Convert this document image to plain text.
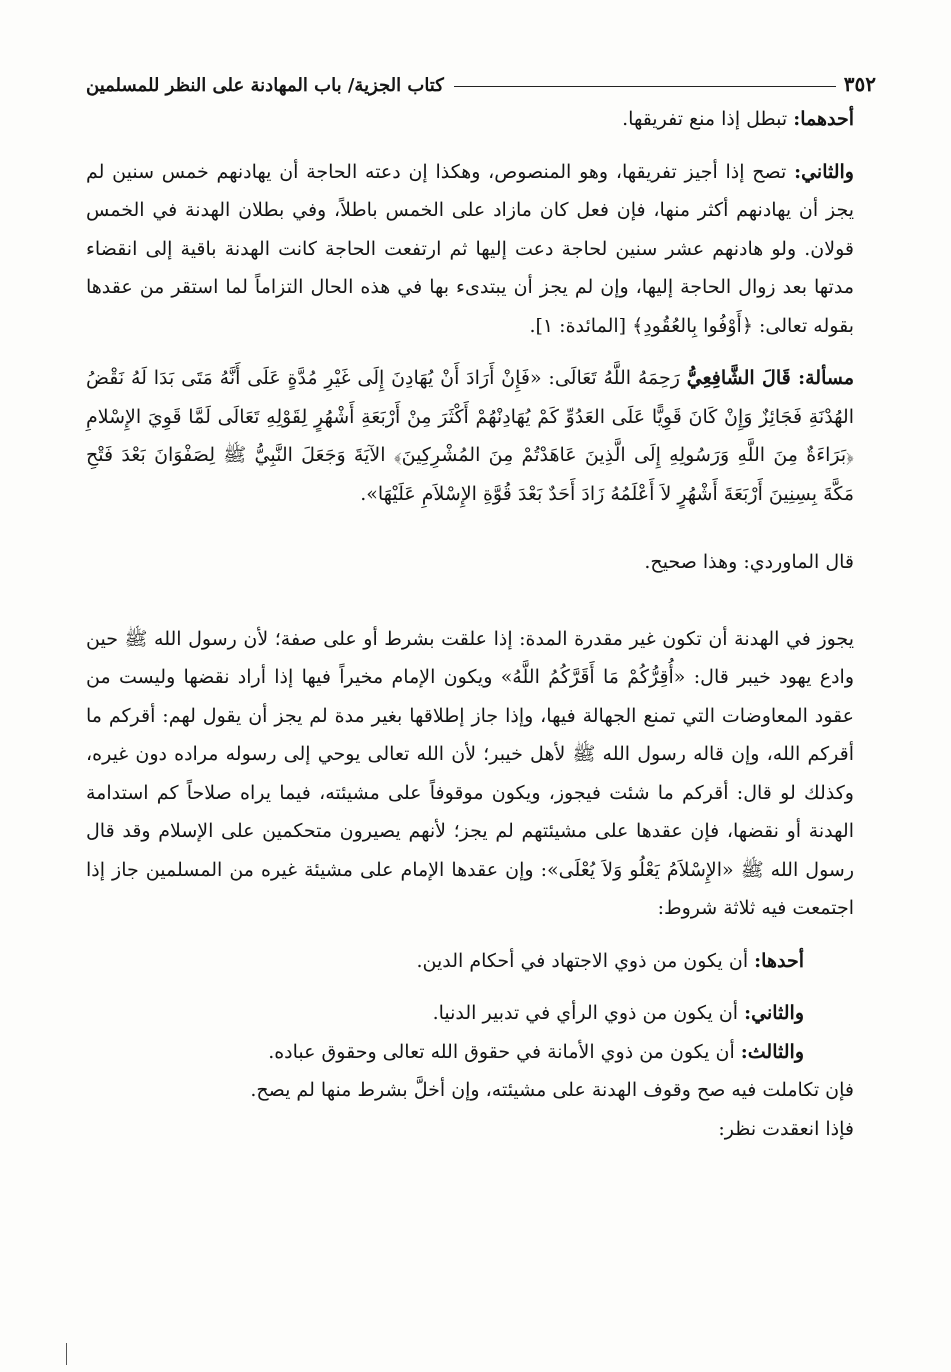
٣٥٢
كتاب الجزية/ باب المهادنة على النظر للمسلمين

أحدهما: تبطل إذا منع تفريقها.

والثاني: تصح إذا أجيز تفريقها، وهو المنصوص، وهكذا إن دعته الحاجة أن يهادنهم خمس سنين لم يجز أن يهادنهم أكثر منها، فإن فعل كان مازاد على الخمس باطلاً، وفي بطلان الهدنة في الخمس قولان. ولو هادنهم عشر سنين لحاجة دعت إليها ثم ارتفعت الحاجة كانت الهدنة باقية إلى انقضاء مدتها بعد زوال الحاجة إليها، وإن لم يجز أن يبتدىء بها في هذه الحال التزاماً لما استقر من عقدها بقوله تعالى: ﴿أَوْفُوا بِالعُقُودِ﴾ [المائدة: ١].

مسألة: قَالَ الشَّافِعِيُّ رَحِمَهُ اللَّهُ تَعَالَى: «فَإِنْ أَرَادَ أَنْ يُهَادِنَ إِلَى غَيْرِ مُدَّةٍ عَلَى أَنَّهُ مَتَى بَدَا لَهُ نَقْضُ الهُدْنَةِ فَجَائِزٌ وَإِنْ كَانَ قَوِيًّا عَلَى العَدُوِّ كَمْ يُهَادِنْهُمْ أَكْثَرَ مِنْ أَرْبَعَةِ أَشْهُرٍ لِقَوْلِهِ تَعَالَى لَمَّا قَوِيَ الإِسْلامِ ﴿بَرَاءَةٌ مِنَ اللَّهِ وَرَسُولِهِ إِلَى الَّذِينَ عَاهَدْتُمْ مِنَ المُشْرِكِينَ﴾ الآيَةَ وَجَعَلَ النَّبِيُّ ﷺ لِصَفْوَانَ بَعْدَ فَتْحِ مَكَّةَ بِسِنِينَ أَرْبَعَةَ أَشْهُرٍ لاَ أَعْلَمُهُ زَادَ أَحَدٌ بَعْدَ قُوَّةِ الإِسْلاَمِ عَلَيْهَا».

قال الماوردي: وهذا صحيح.

يجوز في الهدنة أن تكون غير مقدرة المدة: إذا علقت بشرط أو على صفة؛ لأن رسول الله ﷺ حين وادع يهود خيبر قال: «أُقِرُّكُمْ مَا أَقَرَّكُمُ اللَّهُ» ويكون الإمام مخيراً فيها إذا أراد نقضها وليست من عقود المعاوضات التي تمنع الجهالة فيها، وإذا جاز إطلاقها بغير مدة لم يجز أن يقول لهم: أقركم ما أقركم الله، وإن قاله رسول الله ﷺ لأهل خيبر؛ لأن الله تعالى يوحي إلى رسوله مراده دون غيره، وكذلك لو قال: أقركم ما شئت فيجوز، ويكون موقوفاً على مشيئته، فيما يراه صلاحاً كم استدامة الهدنة أو نقضها، فإن عقدها على مشيئتهم لم يجز؛ لأنهم يصيرون متحكمين على الإسلام وقد قال رسول الله ﷺ «الإِسْلاَمُ يَعْلُو وَلاَ يُعْلَى»: وإن عقدها الإمام على مشيئة غيره من المسلمين جاز إذا اجتمعت فيه ثلاثة شروط:

أحدها: أن يكون من ذوي الاجتهاد في أحكام الدين.

والثاني: أن يكون من ذوي الرأي في تدبير الدنيا.

والثالث: أن يكون من ذوي الأمانة في حقوق الله تعالى وحقوق عباده.

فإن تكاملت فيه صح وقوف الهدنة على مشيئته، وإن أخلَّ بشرط منها لم يصح.

فإذا انعقدت نظر:
